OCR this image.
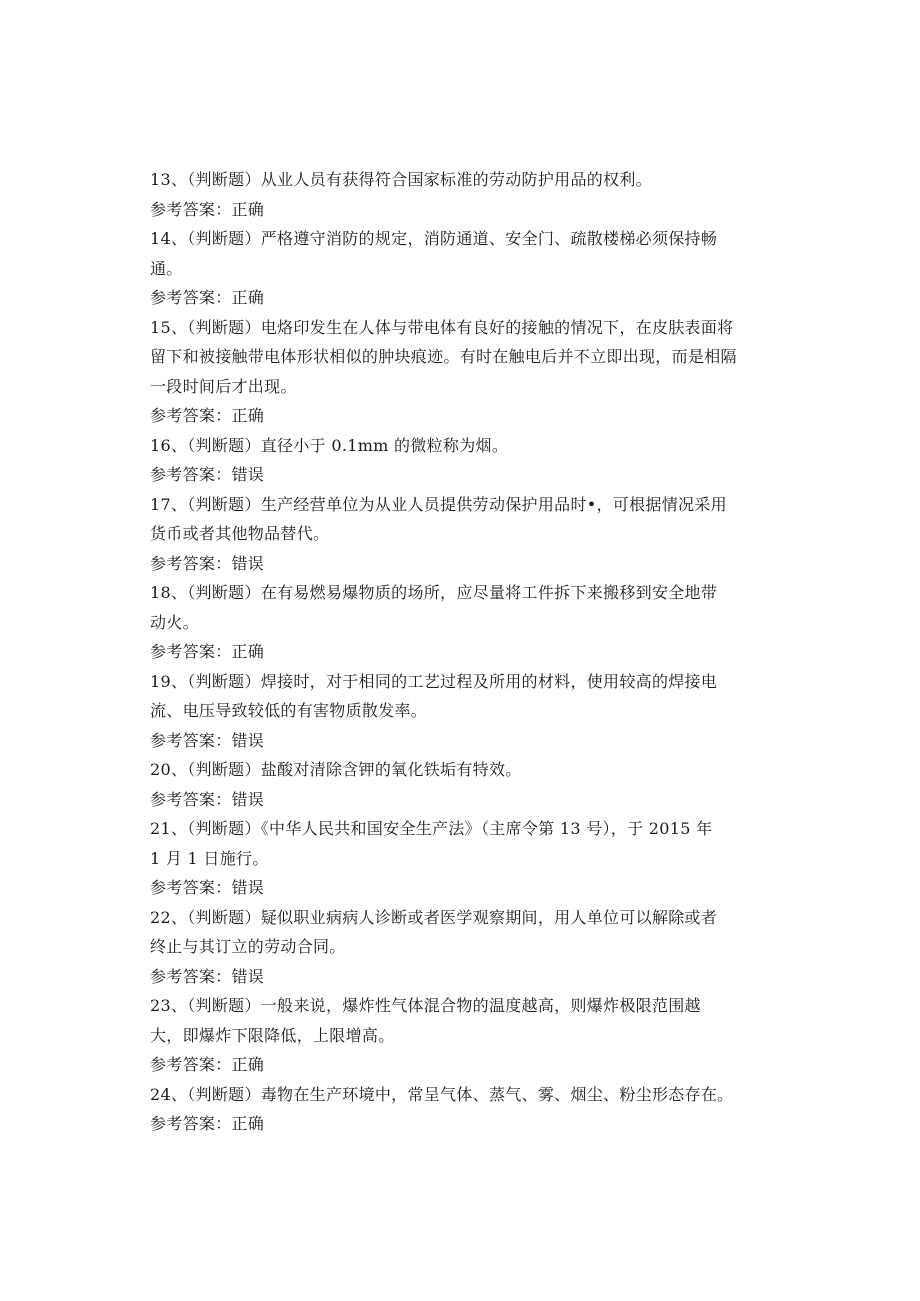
13、（判断题）从业人员有获得符合国家标准的劳动防护用品的权利。
参考答案：正确
14、（判断题）严格遵守消防的规定，消防通道、安全门、疏散楼梯必须保持畅
通。
参考答案：正确
15、（判断题）电烙印发生在人体与带电体有良好的接触的情况下，在皮肤表面将
留下和被接触带电体形状相似的肿块痕迹。有时在触电后并不立即出现，而是相隔
一段时间后才出现。
参考答案：正确
16、（判断题）直径小于 0.1mm 的微粒称为烟。
参考答案：错误
17、（判断题）生产经营单位为从业人员提供劳动保护用品时•，可根据情况采用
货币或者其他物品替代。
参考答案：错误
18、（判断题）在有易燃易爆物质的场所，应尽量将工件拆下来搬移到安全地带
动火。
参考答案：正确
19、（判断题）焊接时，对于相同的工艺过程及所用的材料，使用较高的焊接电
流、电压导致较低的有害物质散发率。
参考答案：错误
20、（判断题）盐酸对清除含钾的氧化铁垢有特效。
参考答案：错误
21、（判断题）《中华人民共和国安全生产法》（主席令第 13 号），于 2015 年
1 月 1 日施行。
参考答案：错误
22、（判断题）疑似职业病病人诊断或者医学观察期间，用人单位可以解除或者
终止与其订立的劳动合同。
参考答案：错误
23、（判断题）一般来说，爆炸性气体混合物的温度越高，则爆炸极限范围越
大，即爆炸下限降低，上限增高。
参考答案：正确
24、（判断题）毒物在生产环境中，常呈气体、蒸气、雾、烟尘、粉尘形态存在。
参考答案：正确
